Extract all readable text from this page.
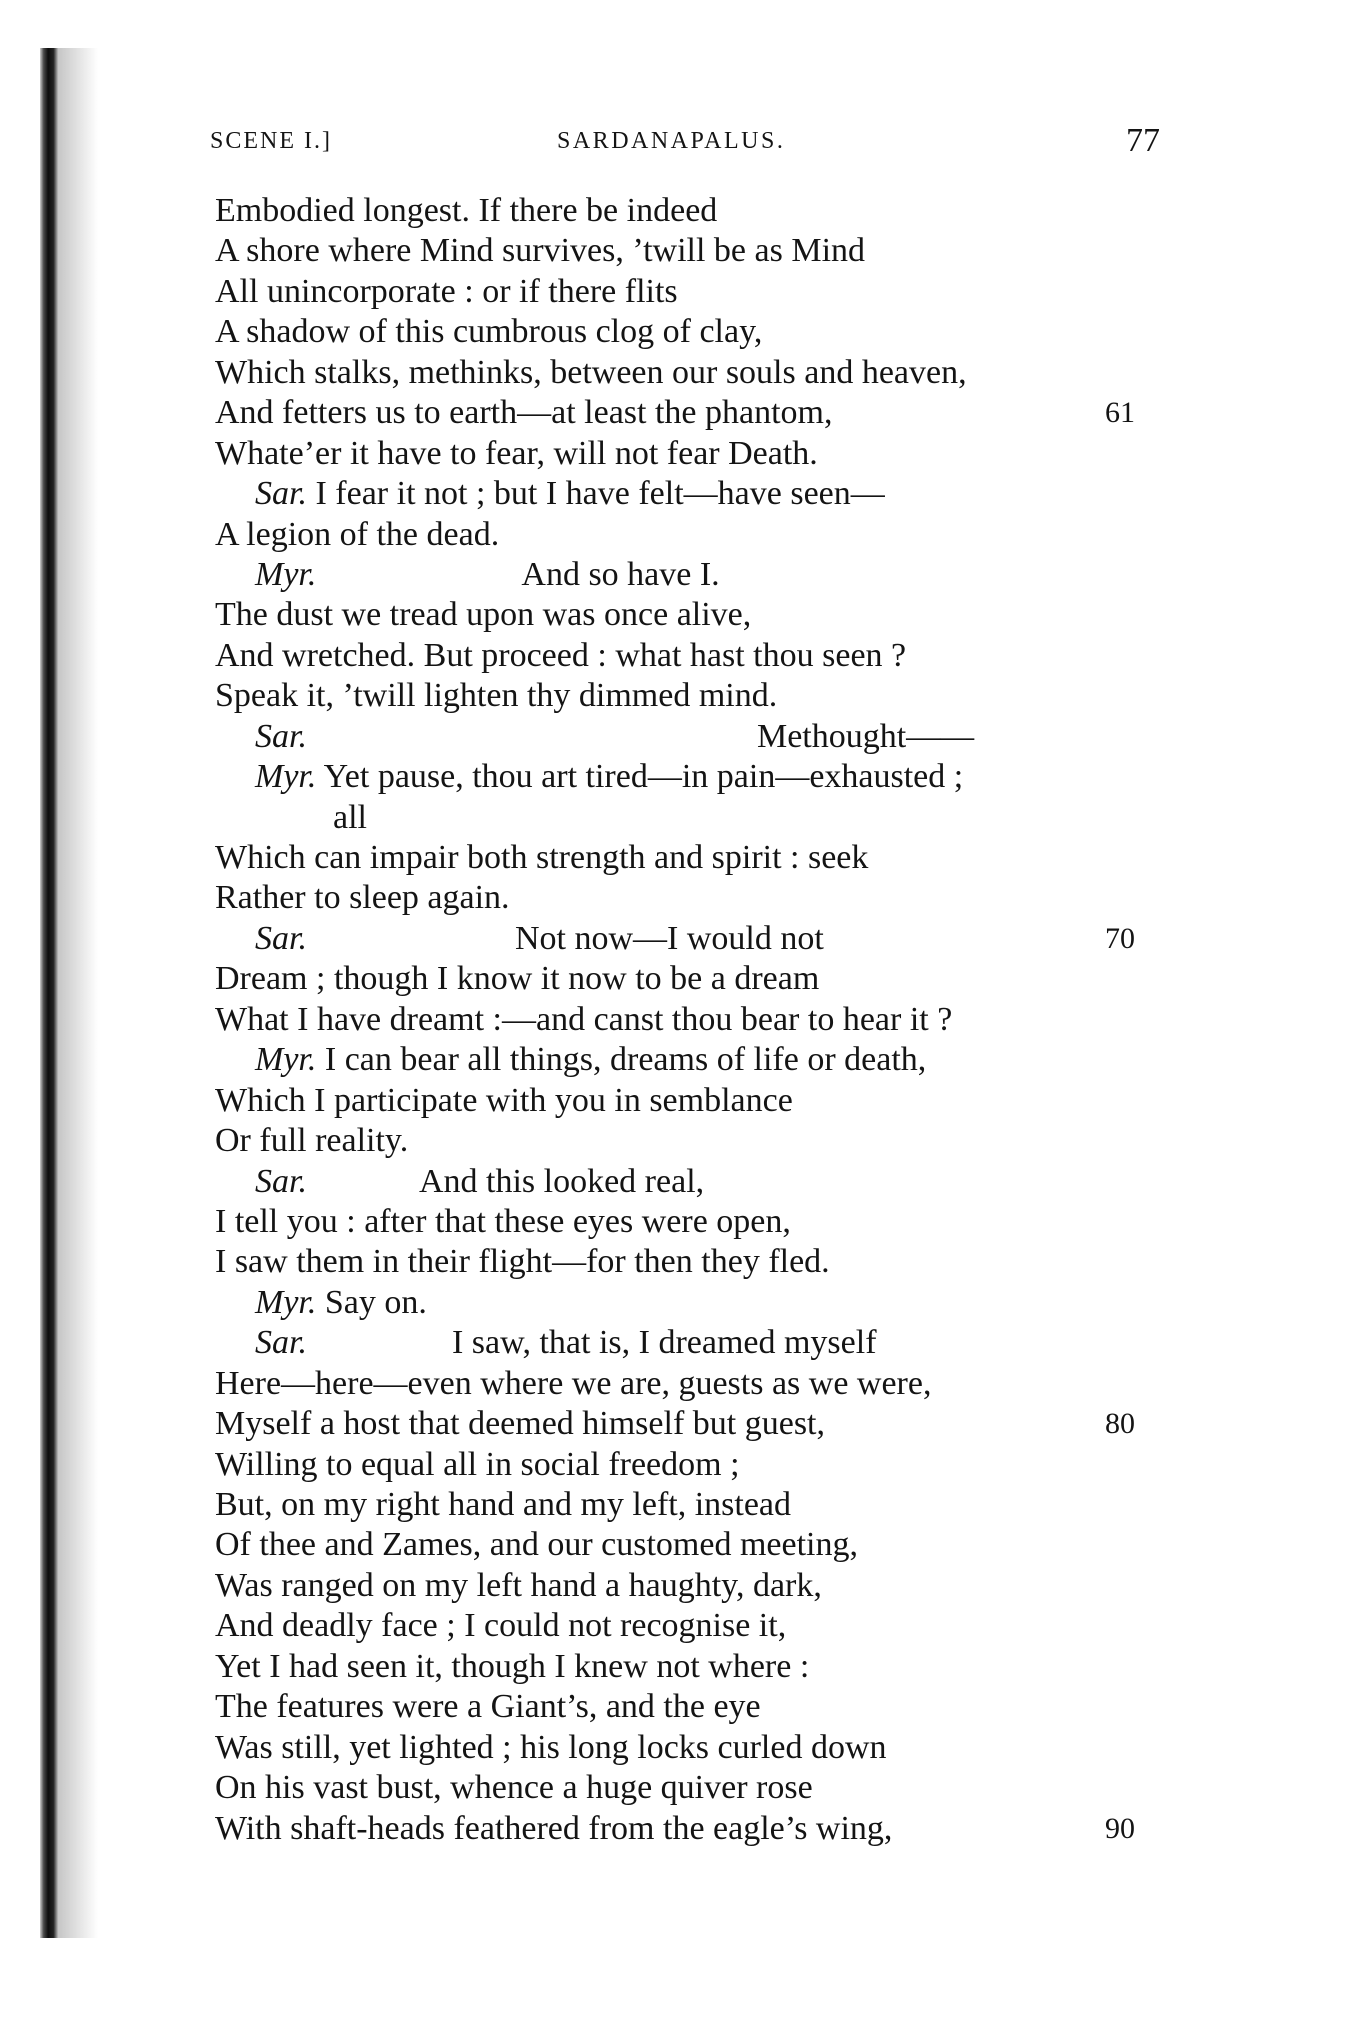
SCENE I.]	SARDANAPALUS.	77
Embodied longest. If there be indeed
A shore where Mind survives, ’twill be as Mind
All unincorporate : or if there flits
A shadow of this cumbrous clog of clay,
Which stalks, methinks, between our souls and heaven,
And fetters us to earth—at least the phantom,	61
Whate’er it have to fear, will not fear Death.
Sar. I fear it not ; but I have felt—have seen—
A legion of the dead.
Myr.	And so have I.
The dust we tread upon was once alive,
And wretched. But proceed : what hast thou seen ?
Speak it, ’twill lighten thy dimmed mind.
Sar.	Methought——
Myr. Yet pause, thou art tired—in pain—exhausted ;
all
Which can impair both strength and spirit : seek
Rather to sleep again.
Sar.	Not now—I would not	70
Dream ; though I know it now to be a dream
What I have dreamt :—and canst thou bear to hear it ?
Myr. I can bear all things, dreams of life or death,
Which I participate with you in semblance
Or full reality.
Sar.	And this looked real,
I tell you : after that these eyes were open,
I saw them in their flight—for then they fled.
Myr. Say on.
Sar.	I saw, that is, I dreamed myself
Here—here—even where we are, guests as we were,
Myself a host that deemed himself but guest,	80
Willing to equal all in social freedom ;
But, on my right hand and my left, instead
Of thee and Zames, and our customed meeting,
Was ranged on my left hand a haughty, dark,
And deadly face ; I could not recognise it,
Yet I had seen it, though I knew not where :
The features were a Giant’s, and the eye
Was still, yet lighted ; his long locks curled down
On his vast bust, whence a huge quiver rose
With shaft-heads feathered from the eagle’s wing,	90
